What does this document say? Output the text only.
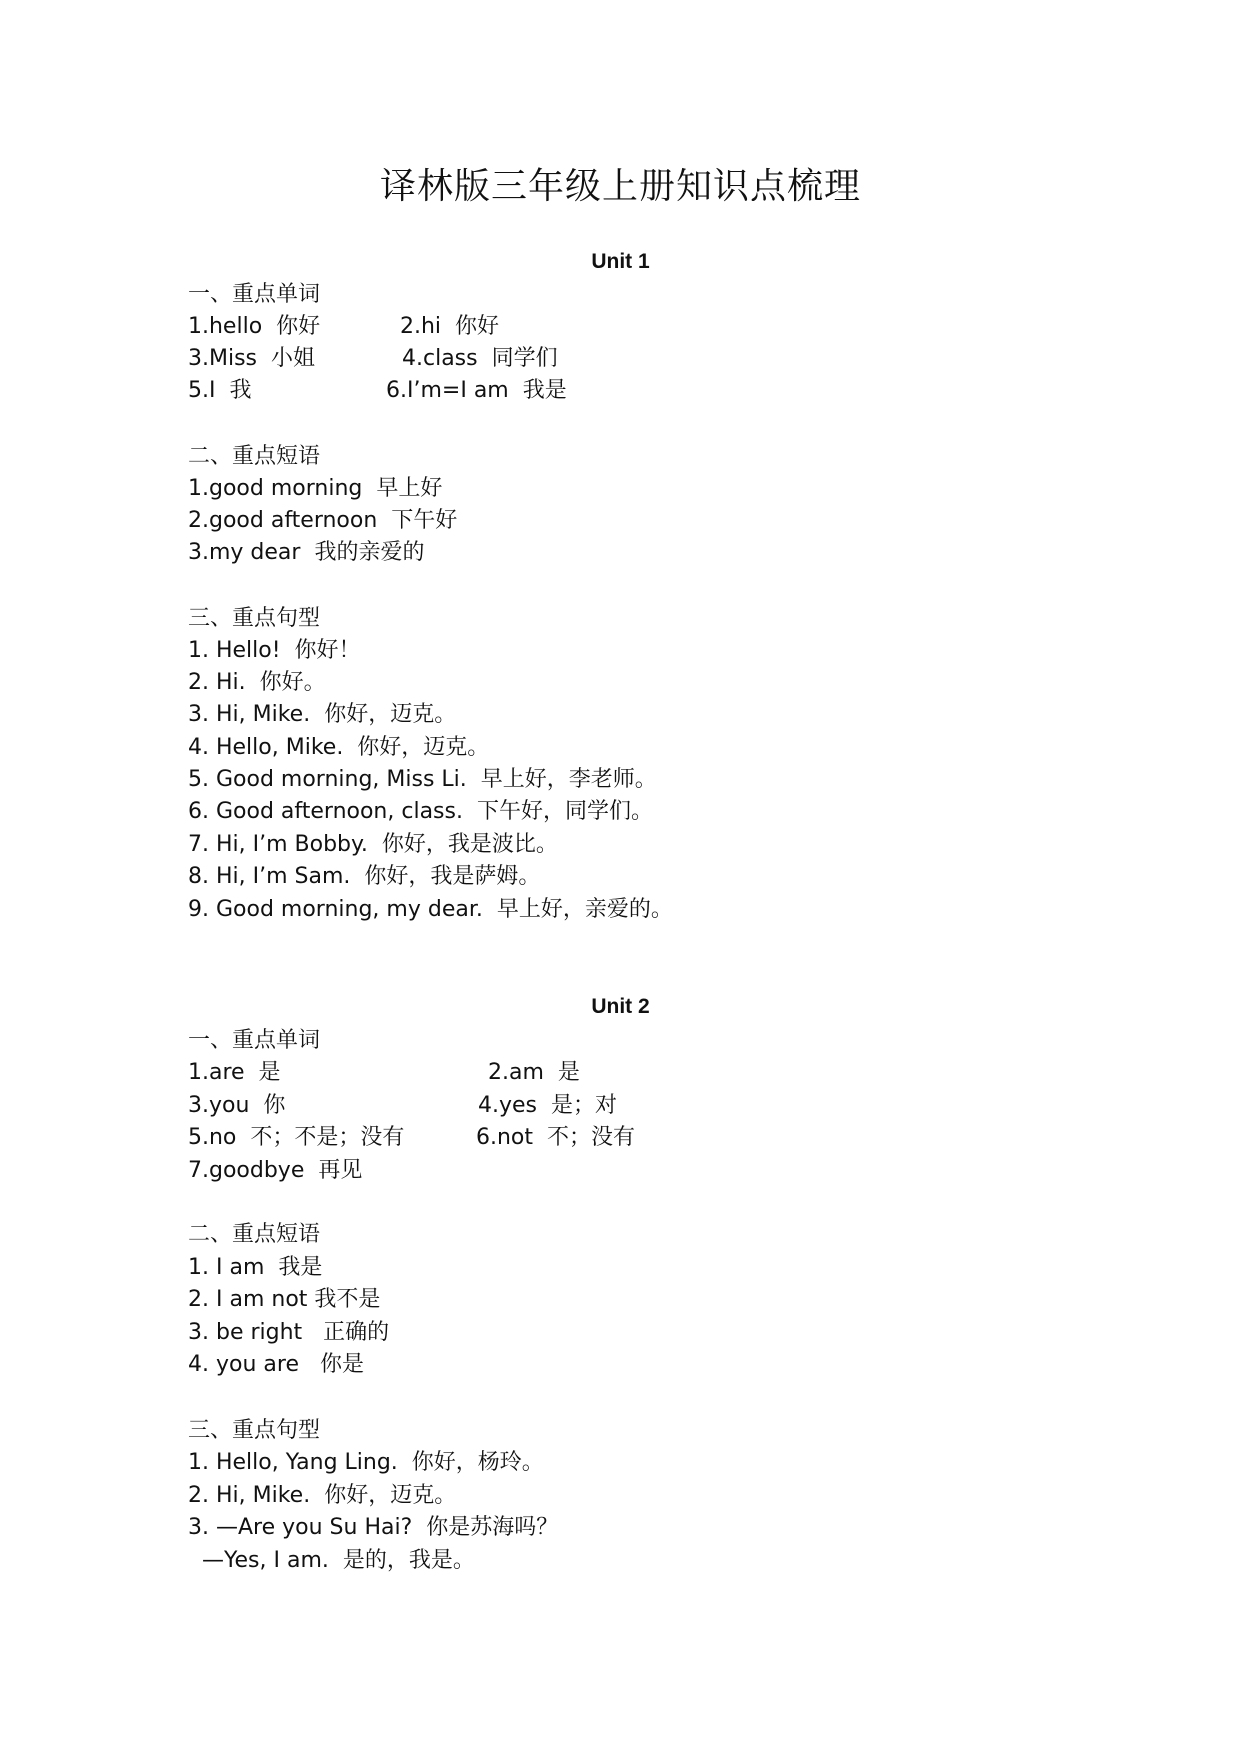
译林版三年级上册知识点梳理
Unit 1
一、重点单词

1.hello  你好

	2.hi  你好

3.Miss  小姐

	4.class  同学们

5.I  我

	6.I’m=I am  我是

二、重点短语
1.good morning  早上好
2.good afternoon  下午好
3.my dear  我的亲爱的
三、重点句型
1. Hello!  你好！
2. Hi.  你好。
3. Hi, Mike.  你好，迈克。
4. Hello, Mike.  你好，迈克。
5. Good morning, Miss Li.  早上好，李老师。
6. Good afternoon, class.  下午好，同学们。
7. Hi, I’m Bobby.  你好，我是波比。
8. Hi, I’m Sam.  你好，我是萨姆。
9. Good morning, my dear.  早上好，亲爱的。
Unit 2
一、重点单词

1.are  是

	2.am  是

3.you  你

	4.yes  是；对

5.no  不；不是；没有

	6.not  不；没有

7.goodbye  再见

二、重点短语
1. I am  我是
2. I am not 我不是
3. be right   正确的
4. you are   你是
三、重点句型
1. Hello, Yang Ling.  你好，杨玲。
2. Hi, Mike.  你好，迈克。
3. —Are you Su Hai?  你是苏海吗？
—Yes, I am.  是的，我是。
